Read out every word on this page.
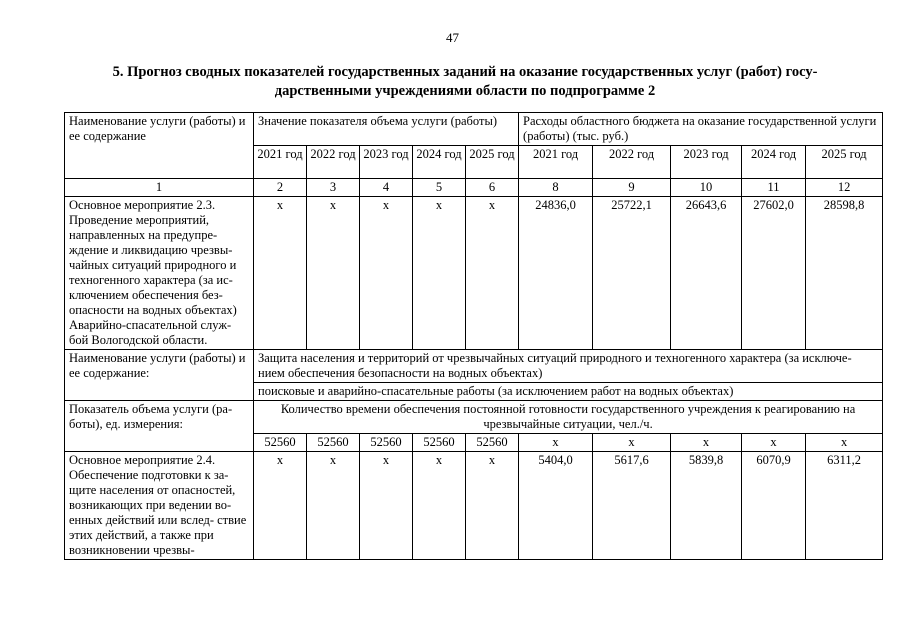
47
5. Прогноз сводных показателей государственных заданий на оказание государственных услуг (работ) госу-
дарственными учреждениями области по подпрограмме 2
Наименование услуги (работы) и ее содержание	Значение показателя объема услуги (работы)					Расходы областного бюджета на оказание государственной услуги (работы) (тыс. руб.)				
	2021 год	2022 год	2023 год	2024 год	2025 год	2021 год	2022 год	2023 год	2024 год	2025 год
1	2	3	4	5	6	8	9	10	11	12
Основное мероприятие 2.3. Проведение мероприятий, направленных на предупре- ждение и ликвидацию чрезвы- чайных ситуаций природного и техногенного характера (за ис- ключением обеспечения без- опасности на водных объектах) Аварийно-спасательной служ- бой Вологодской области.	x	x	x	x	x	24836,0	25722,1	26643,6	27602,0	28598,8
Наименование услуги (работы) и ее содержание:	Защита населения и территорий от чрезвычайных ситуаций природного и техногенного характера (за исключе- нием обеспечения безопасности на водных объектах)									
	поисковые и аварийно-спасательные работы (за исключением работ на водных объектах)									
Показатель объема услуги (ра- боты), ед. измерения:	Количество времени обеспечения постоянной готовности государственного учреждения к реагированию на чрезвычайные ситуации, чел./ч.									
	52560	52560	52560	52560	52560	x	x	x	x	x
Основное мероприятие 2.4. Обеспечение подготовки к за- щите населения от опасностей, возникающих при ведении во- енных действий или вслед- ствие этих действий, а также при возникновении чрезвы-	x	x	x	x	x	5404,0	5617,6	5839,8	6070,9	6311,2
